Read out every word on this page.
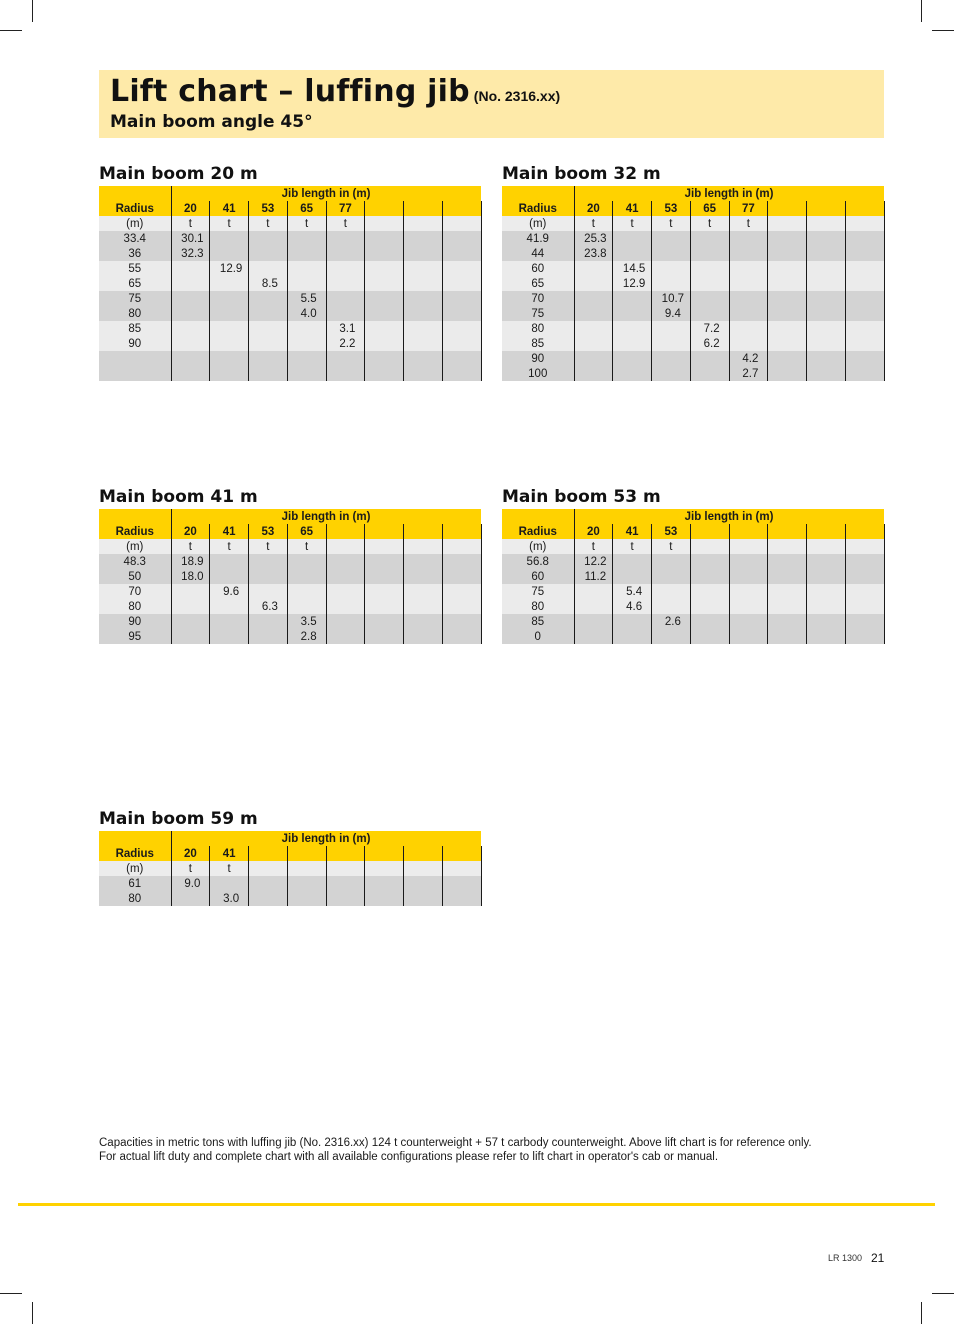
Lift chart – luffing jib (No. 2316.xx)
Main boom angle 45°
Main boom 20 m
	Jib length in (m)							
Radius	20	41	53	65	77			
(m)	t	t	t	t	t			
33.4	30.1							
36	32.3							
55		12.9						
65			8.5					
75				5.5				
80				4.0				
85					3.1			
90					2.2			

Main boom 32 m
	Jib length in (m)							
Radius	20	41	53	65	77			
(m)	t	t	t	t	t			
41.9	25.3							
44	23.8							
60		14.5						
65		12.9						
70			10.7					
75			9.4					
80				7.2				
85				6.2				
90					4.2			
100					2.7			
Main boom 41 m
	Jib length in (m)							
Radius	20	41	53	65				
(m)	t	t	t	t				
48.3	18.9							
50	18.0							
70		9.6						
80			6.3					
90				3.5				
95				2.8				
Main boom 53 m
	Jib length in (m)							
Radius	20	41	53					
(m)	t	t	t					
56.8	12.2							
60	11.2							
75		5.4						
80		4.6						
85			2.6					
0								
Main boom 59 m
	Jib length in (m)							
Radius	20	41						
(m)	t	t						
61	9.0							
80		3.0						
Capacities in metric tons with luffing jib (No. 2316.xx) 124 t counterweight + 57 t carbody counterweight. Above lift chart is for reference only.
For actual lift duty and complete chart with all available configurations please refer to lift chart in operator's cab or manual.
LR 1300 21
